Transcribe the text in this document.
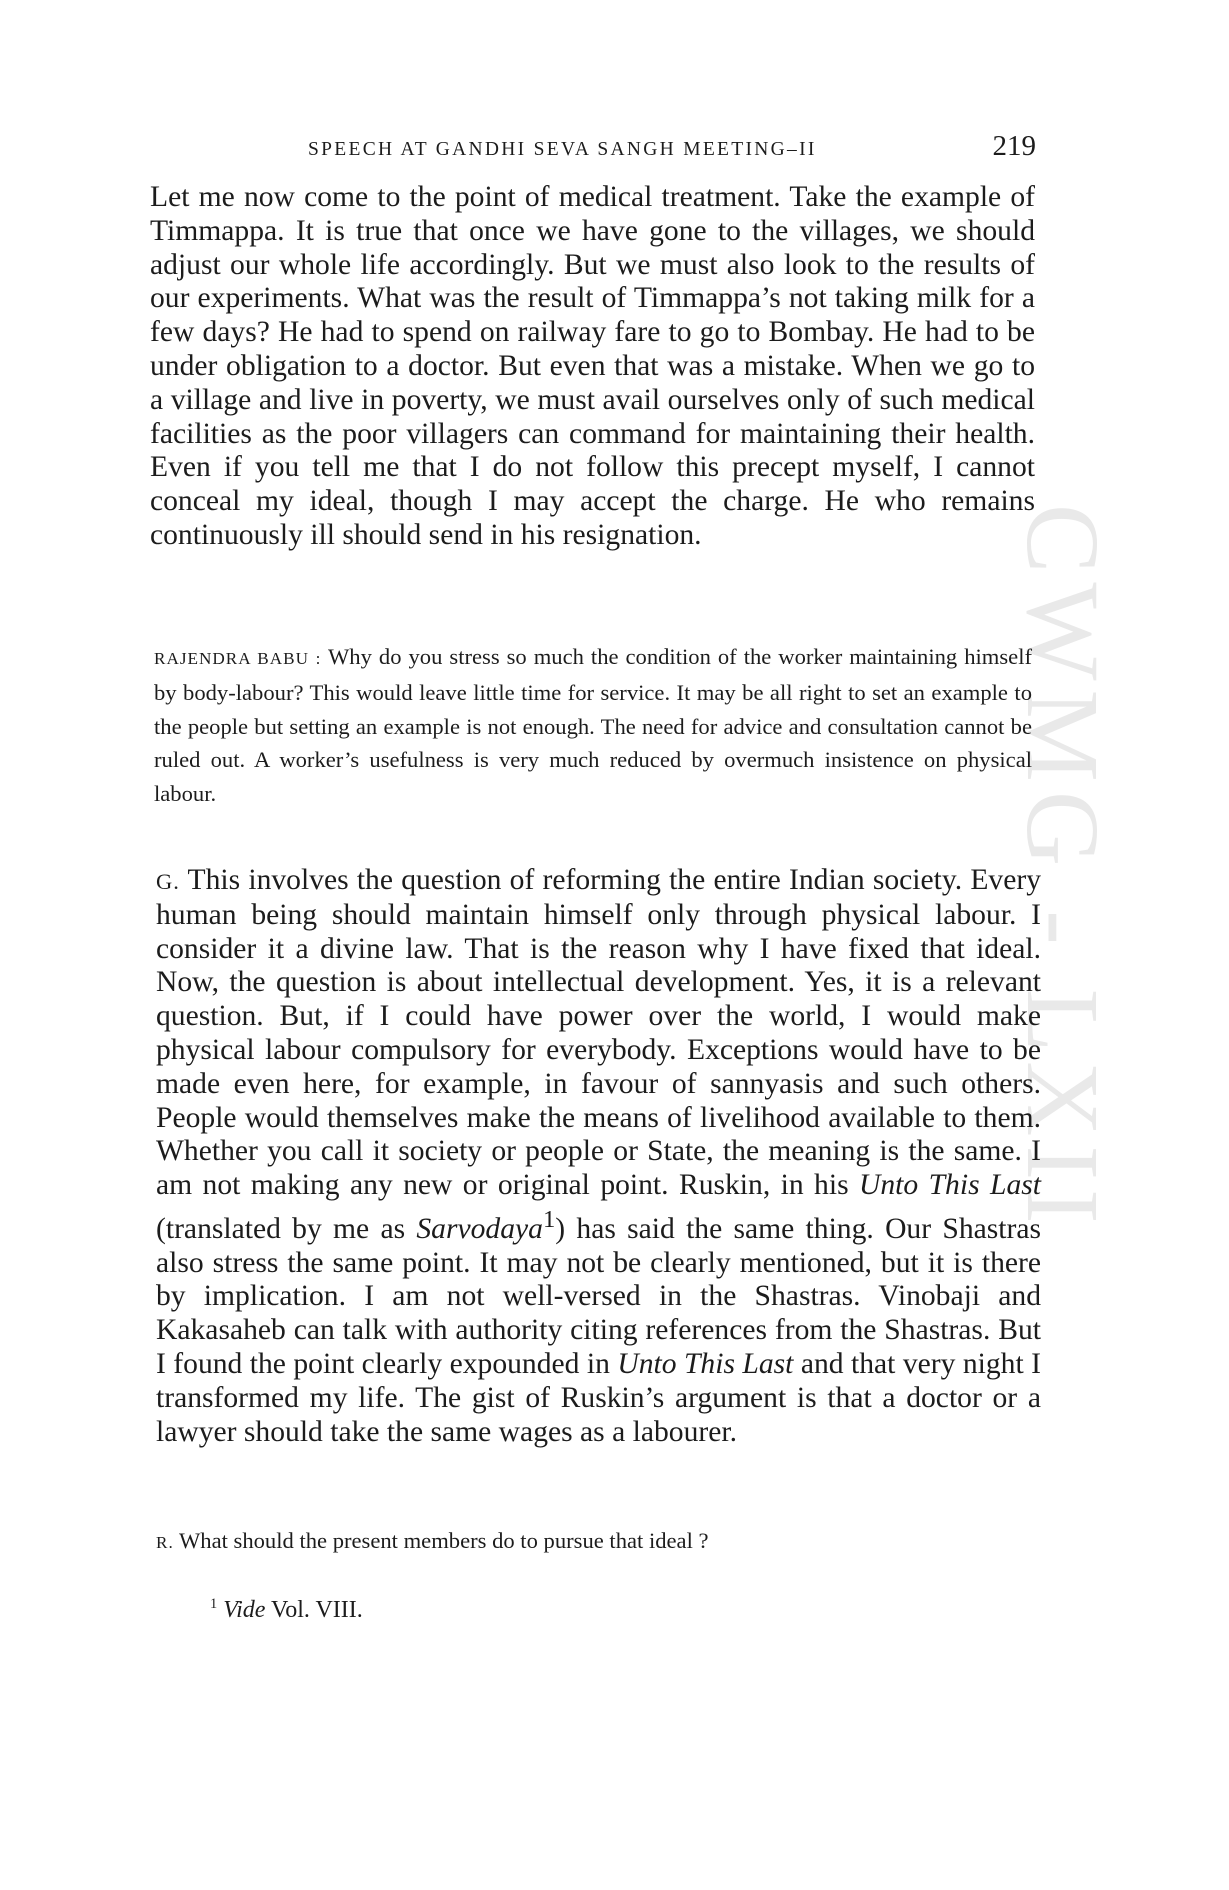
SPEECH AT GANDHI SEVA SANGH MEETING–II	219
CWMG - LXII

Let me now come to the point of medical treatment. Take the example of Timmappa. It is true that once we have gone to the villages, we should adjust our whole life accordingly. But we must also look to the results of our experiments. What was the result of Timmappa’s not taking milk for a few days? He had to spend on railway fare to go to Bombay. He had to be under obligation to a doctor. But even that was a mistake. When we go to a village and live in poverty, we must avail ourselves only of such medical facilities as the poor villagers can command for maintaining their health. Even if you tell me that I do not follow this precept myself, I cannot conceal my ideal, though I may accept the charge. He who remains continuously ill should send in his resignation.

RAJENDRA BABU : Why do you stress so much the condition of the worker maintaining himself by body-labour? This would leave little time for service. It may be all right to set an example to the people but setting an example is not enough. The need for advice and consultation cannot be ruled out. A worker’s usefulness is very much reduced by overmuch insistence on physical labour.

G. This involves the question of reforming the entire Indian society. Every human being should maintain himself only through physical labour. I consider it a divine law. That is the reason why I have fixed that ideal. Now, the question is about intellectual development. Yes, it is a relevant question. But, if I could have power over the world, I would make physical labour compulsory for everybody. Exceptions would have to be made even here, for example, in favour of sannyasis and such others. People would themselves make the means of livelihood available to them. Whether you call it society or people or State, the meaning is the same. I am not making any new or original point. Ruskin, in his Unto This Last (translated by me as Sarvodaya$^1$) has said the same thing. Our Shastras also stress the same point. It may not be clearly mentioned, but it is there by implication. I am not well-versed in the Shastras. Vinobaji and Kakasaheb can talk with authority citing references from the Shastras. But I found the point clearly expounded in Unto This Last and that very night I transformed my life. The gist of Ruskin’s argument is that a doctor or a lawyer should take the same wages as a labourer.

R. What should the present members do to pursue that ideal ?

$^1$ Vide Vol. VIII.
